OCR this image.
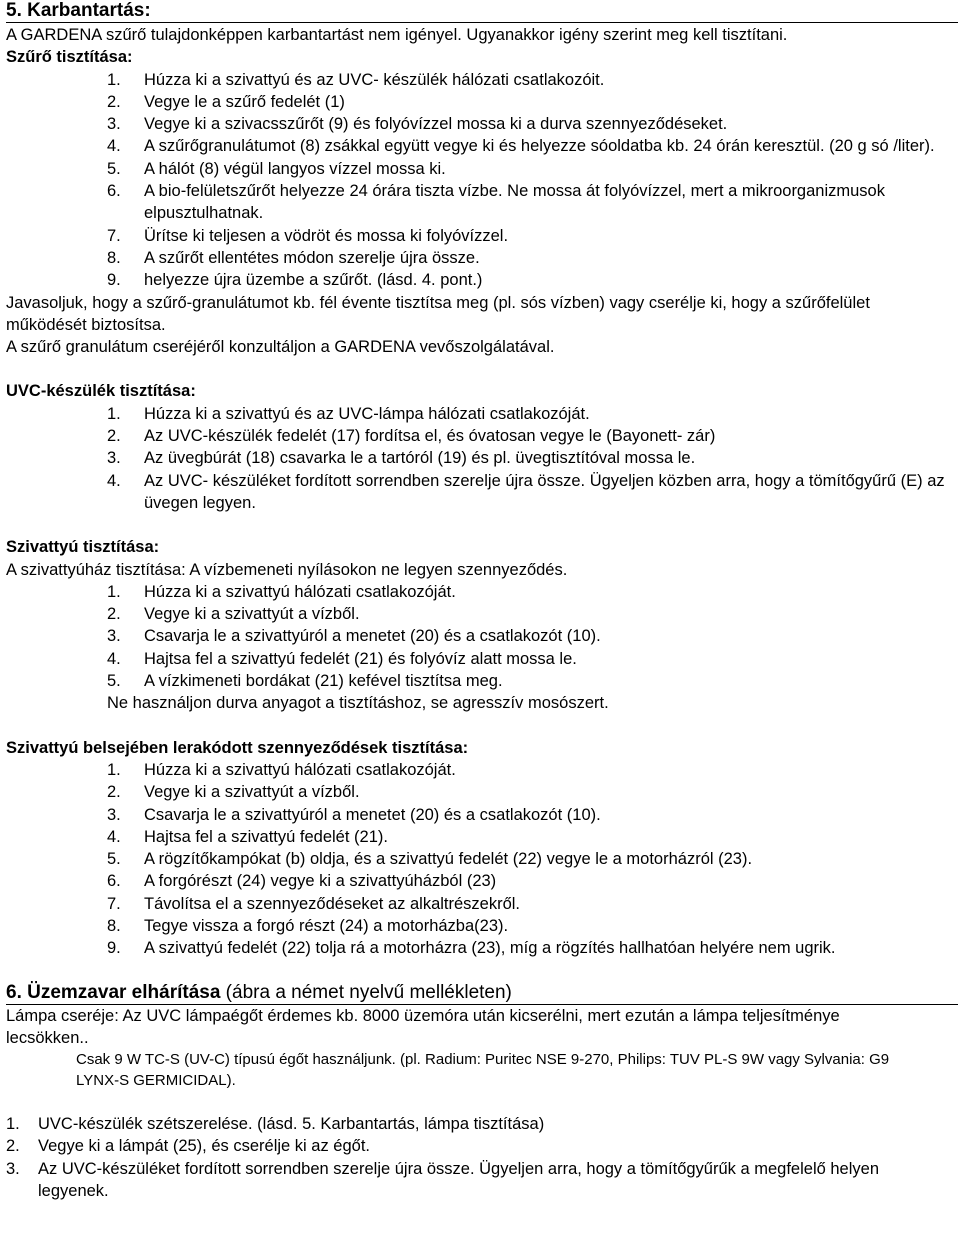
5. Karbantartás:
A GARDENA szűrő tulajdonképpen karbantartást nem igényel. Ugyanakkor igény szerint meg kell tisztítani.
Szűrő tisztítása:
1.	Húzza ki a szivattyú és az UVC- készülék hálózati csatlakozóit.
2.	Vegye le a szűrő fedelét (1)
3.	Vegye ki a szivacsszűrőt (9) és folyóvízzel mossa ki a durva szennyeződéseket.
4.	A szűrőgranulátumot (8) zsákkal együtt vegye ki és helyezze sóoldatba kb. 24 órán keresztül. (20 g só /liter).
5.	A hálót (8) végül langyos vízzel mossa ki.
6.	A bio-felületszűrőt helyezze 24 órára tiszta vízbe. Ne mossa át folyóvízzel, mert a mikroorganizmusok elpusztulhatnak.
7.	Ürítse ki teljesen a vödröt és mossa ki folyóvízzel.
8.	A szűrőt ellentétes módon szerelje újra össze.
9.	helyezze újra üzembe a szűrőt. (lásd. 4. pont.)
Javasoljuk, hogy a szűrő-granulátumot kb. fél évente tisztítsa meg (pl. sós vízben) vagy cserélje ki, hogy a szűrőfelület működését biztosítsa.
A szűrő granulátum cseréjéről konzultáljon a GARDENA vevőszolgálatával.
UVC-készülék tisztítása:
1.	Húzza ki a szivattyú és az UVC-lámpa hálózati csatlakozóját.
2.	Az UVC-készülék fedelét (17) fordítsa el, és óvatosan vegye le (Bayonett- zár)
3.	Az üvegbúrát (18) csavarka le a tartóról (19) és pl. üvegtisztítóval mossa le.
4.	Az UVC- készüléket fordított sorrendben szerelje újra össze. Ügyeljen közben arra, hogy a tömítőgyűrű (E) az üvegen legyen.
Szivattyú tisztítása:
A szivattyúház tisztítása: A vízbemeneti nyílásokon ne legyen szennyeződés.
1.	Húzza ki a szivattyú hálózati csatlakozóját.
2.	Vegye ki a szivattyút a vízből.
3.	Csavarja le a szivattyúról a menetet (20) és a csatlakozót (10).
4.	Hajtsa fel a szivattyú fedelét (21) és folyóvíz alatt mossa le.
5.	A vízkimeneti bordákat (21) kefével tisztítsa meg.
Ne használjon durva anyagot a tisztításhoz, se agresszív mosószert.
Szivattyú belsejében lerakódott szennyeződések tisztítása:
1.	Húzza ki a szivattyú hálózati csatlakozóját.
2.	Vegye ki a szivattyút a vízből.
3.	Csavarja le a szivattyúról a menetet (20) és a csatlakozót (10).
4.	Hajtsa fel a szivattyú fedelét (21).
5.	A rögzítőkampókat (b) oldja, és a szivattyú fedelét (22) vegye le a motorházról (23).
6.	A forgórészt (24) vegye ki a szivattyúházból (23)
7.	Távolítsa el a szennyeződéseket az alkaltrészekről.
8.	Tegye vissza a forgó részt (24) a motorházba(23).
9.	A szivattyú fedelét (22) tolja rá a motorházra (23), míg a rögzítés hallhatóan helyére nem ugrik.
6. Üzemzavar elhárítása (ábra a német nyelvű mellékleten)
Lámpa cseréje: Az UVC lámpaégőt érdemes kb. 8000 üzemóra után kicserélni, mert ezután a lámpa teljesítménye lecsökken..
Csak 9 W TC-S (UV-C) típusú égőt használjunk. (pl. Radium: Puritec NSE 9-270, Philips: TUV PL-S 9W vagy Sylvania: G9 LYNX-S GERMICIDAL).
1.	UVC-készülék szétszerelése. (lásd. 5. Karbantartás, lámpa tisztítása)
2.	Vegye ki a lámpát (25), és cserélje ki az égőt.
3.	Az UVC-készüléket fordított sorrendben szerelje újra össze. Ügyeljen arra, hogy a tömítőgyűrűk a megfelelő helyen legyenek.
